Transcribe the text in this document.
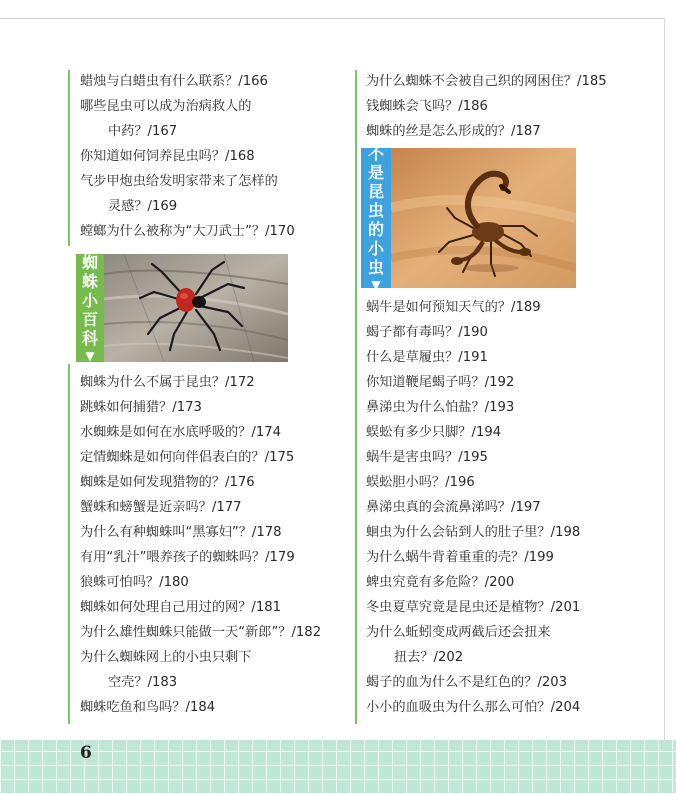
蜡烛与白蜡虫有什么联系？/166
哪些昆虫可以成为治病救人的
中药？/167
你知道如何饲养昆虫吗？/168
气步甲炮虫给发明家带来了怎样的
灵感？/169
螳螂为什么被称为“大刀武士”？/170
蜘
蛛
小
百
科
▼
蜘蛛为什么不属于昆虫？/172
跳蛛如何捕猎？/173
水蜘蛛是如何在水底呼吸的？/174
定情蜘蛛是如何向伴侣表白的？/175
蜘蛛是如何发现猎物的？/176
蟹蛛和螃蟹是近亲吗？/177
为什么有种蜘蛛叫“黑寡妇”？/178
有用“乳汁”喂养孩子的蜘蛛吗？/179
狼蛛可怕吗？/180
蜘蛛如何处理自己用过的网？/181
为什么雄性蜘蛛只能做一天“新郎”？/182
为什么蜘蛛网上的小虫只剩下
空壳？/183
蜘蛛吃鱼和鸟吗？/184
为什么蜘蛛不会被自己织的网困住？/185
钱蜘蛛会飞吗？/186
蜘蛛的丝是怎么形成的？/187
不
是
昆
虫
的
小
虫
▼
蜗牛是如何预知天气的？/189
蝎子都有毒吗？/190
什么是草履虫？/191
你知道鞭尾蝎子吗？/192
鼻涕虫为什么怕盐？/193
蜈蚣有多少只脚？/194
蜗牛是害虫吗？/195
蜈蚣胆小吗？/196
鼻涕虫真的会流鼻涕吗？/197
蛔虫为什么会钻到人的肚子里？/198
为什么蜗牛背着重重的壳？/199
蜱虫究竟有多危险？/200
冬虫夏草究竟是昆虫还是植物？/201
为什么蚯蚓变成两截后还会扭来
扭去？/202
蝎子的血为什么不是红色的？/203
小小的血吸虫为什么那么可怕？/204
6
